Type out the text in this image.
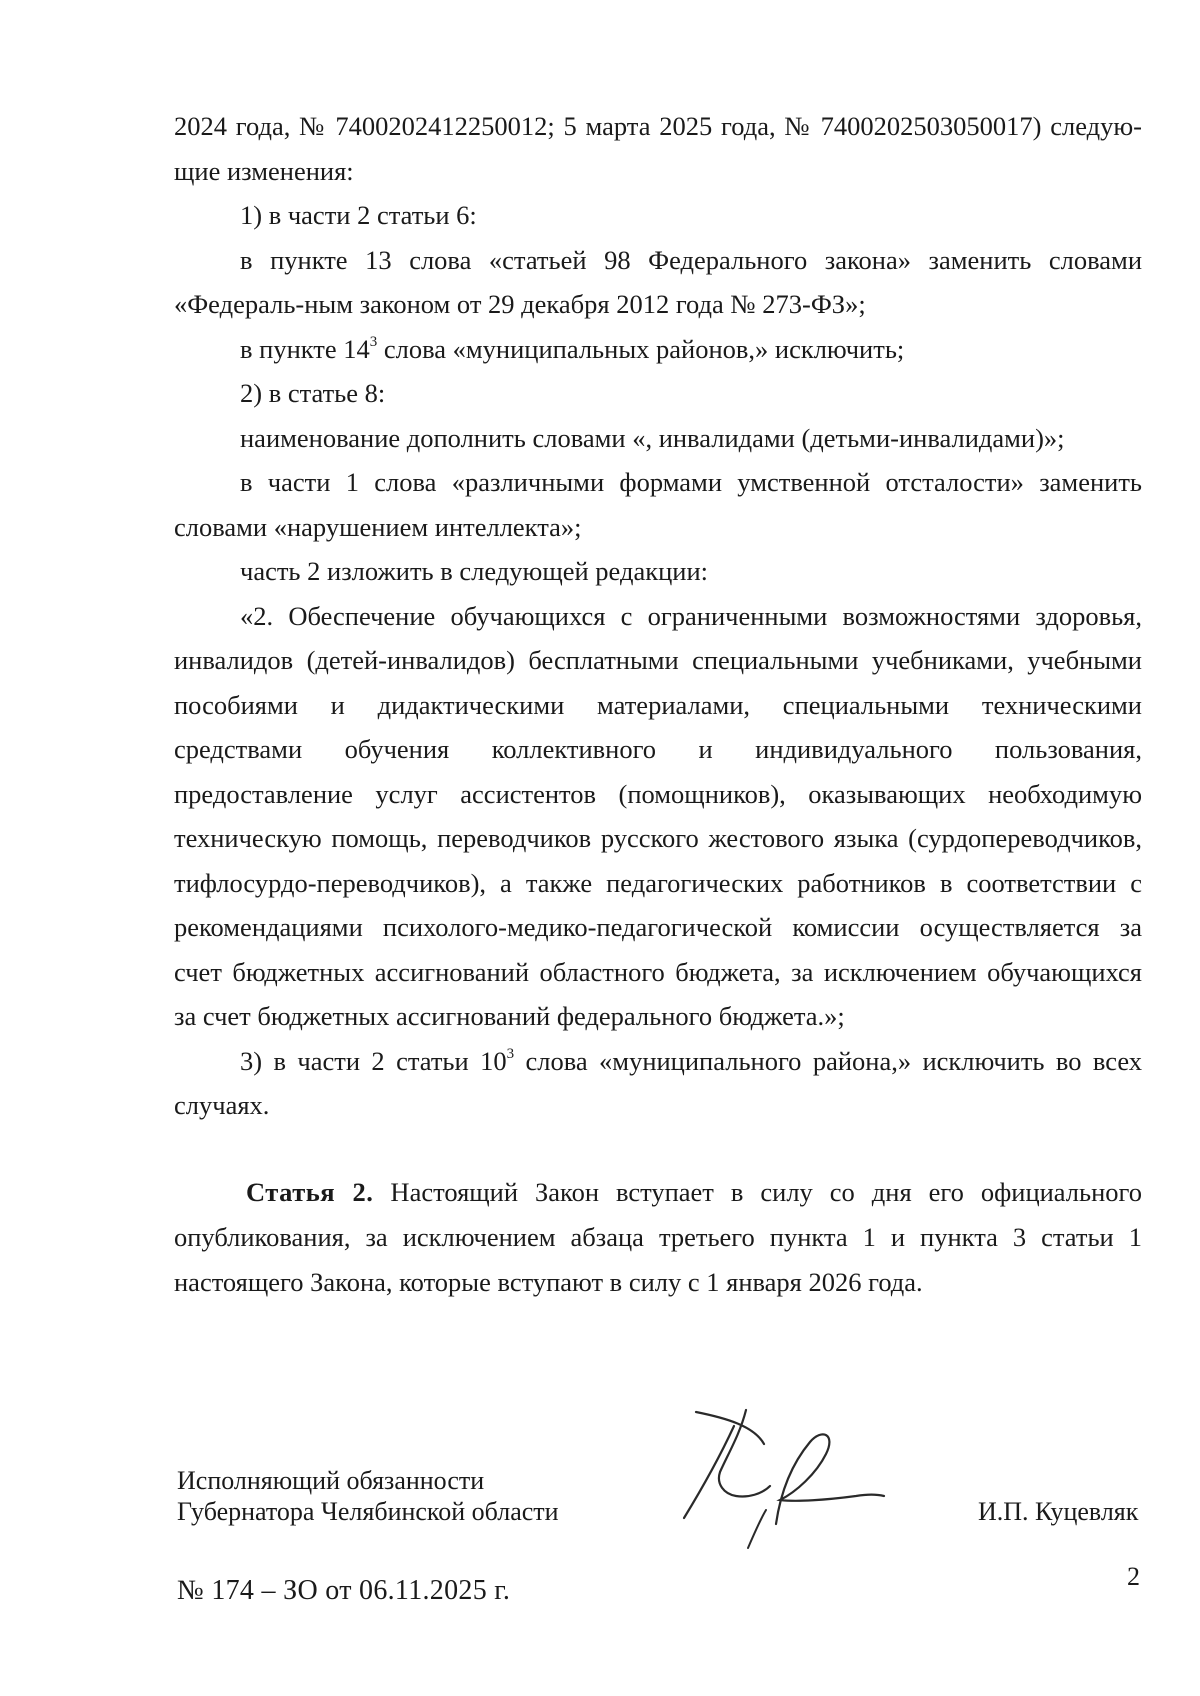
2024 года, № 7400202412250012; 5 марта 2025 года, № 7400202503050017) следую-щие изменения:

1) в части 2 статьи 6:

в пункте 13 слова «статьей 98 Федерального закона» заменить словами «Федераль-ным законом от 29 декабря 2012 года № 273-ФЗ»;

в пункте $14^3$ слова «муниципальных районов,» исключить;

2) в статье 8:

наименование дополнить словами «, инвалидами (детьми-инвалидами)»;

в части 1 слова «различными формами умственной отсталости» заменить словами «нарушением интеллекта»;

часть 2 изложить в следующей редакции:

«2. Обеспечение обучающихся с ограниченными возможностями здоровья, инвалидов (детей-инвалидов) бесплатными специальными учебниками, учебными пособиями и дидактическими материалами, специальными техническими средствами обучения коллективного и индивидуального пользования, предоставление услуг ассистентов (помощников), оказывающих необходимую техническую помощь, переводчиков русского жестового языка (сурдопереводчиков, тифлосурдо-переводчиков), а также педагогических работников в соответствии с рекомендациями психолого-медико-педагогической комиссии осуществляется за счет бюджетных ассигнований областного бюджета, за исключением обучающихся за счет бюджетных ассигнований федерального бюджета.»;

3) в части 2 статьи $10^3$ слова «муниципального района,» исключить во всех случаях.

Статья 2. Настоящий Закон вступает в силу со дня его официального опубликования, за исключением абзаца третьего пункта 1 и пункта 3 статьи 1 настоящего Закона, которые вступают в силу с 1 января 2026 года.
Исполняющий обязанности
Губернатора Челябинской области	И.П. Куцевляк
№ 174 – ЗО от 06.11.2025 г.	2
